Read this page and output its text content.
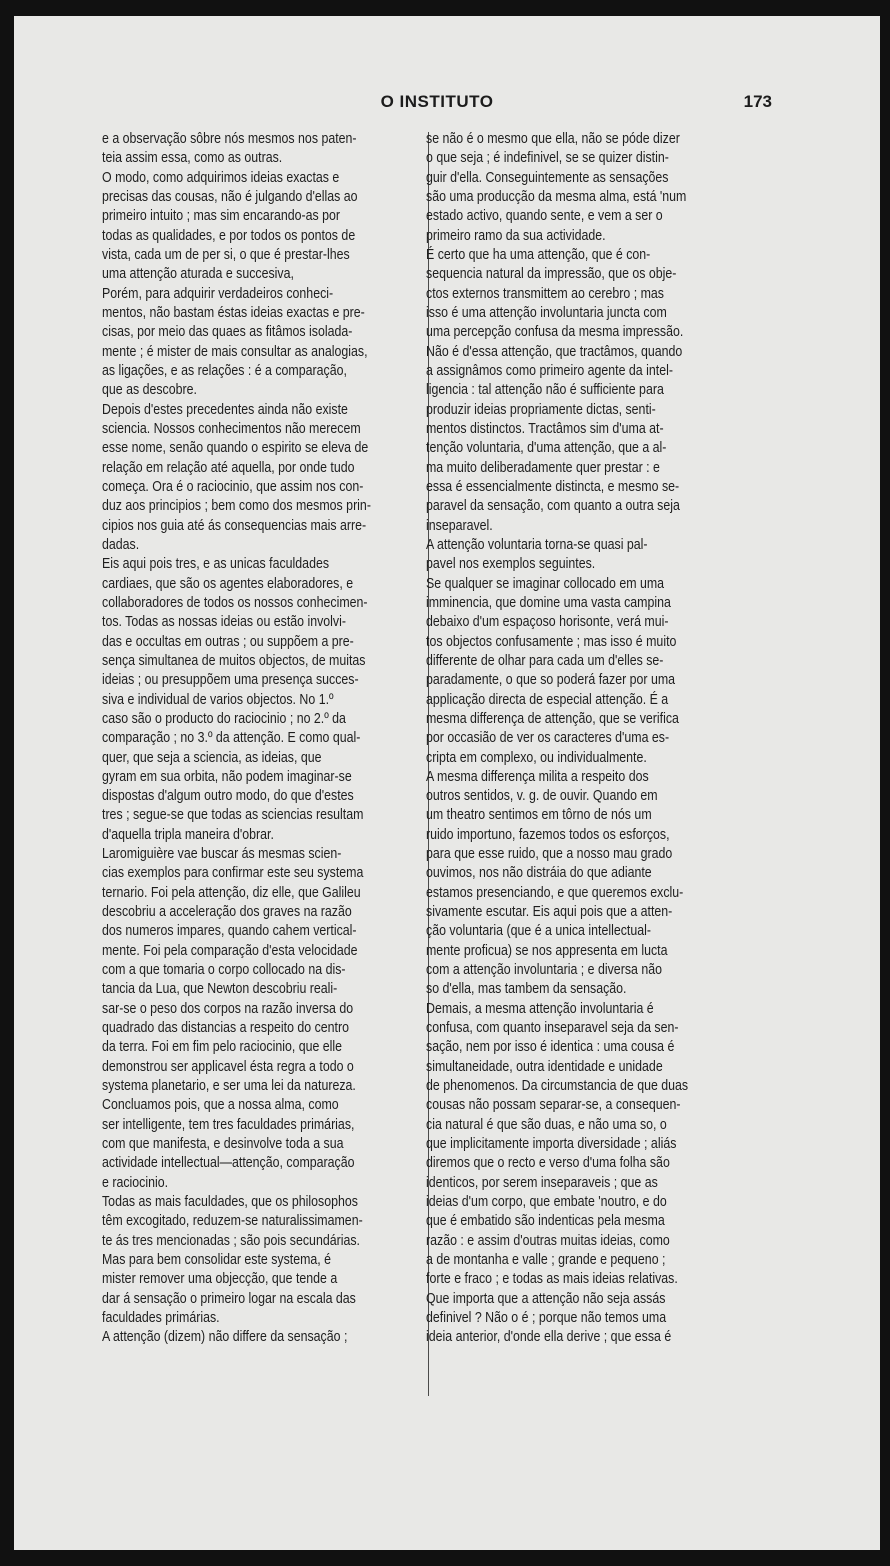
O INSTITUTO	173
e a observação sôbre nós mesmos nos paten-
teia assim essa, como as outras.
O modo, como adquirimos ideias exactas e
precisas das cousas, não é julgando d'ellas ao
primeiro intuito ; mas sim encarando-as por
todas as qualidades, e por todos os pontos de
vista, cada um de per si, o que é prestar-lhes
uma attenção aturada e succesiva,
Porém, para adquirir verdadeiros conheci-
mentos, não bastam éstas ideias exactas e pre-
cisas, por meio das quaes as fitâmos isolada-
mente ; é mister de mais consultar as analogias,
as ligações, e as relações : é a comparação,
que as descobre.
Depois d'estes precedentes ainda não existe
sciencia. Nossos conhecimentos não merecem
esse nome, senão quando o espirito se eleva de
relação em relação até aquella, por onde tudo
começa. Ora é o raciocinio, que assim nos con-
duz aos principios ; bem como dos mesmos prin-
cipios nos guia até ás consequencias mais arre-
dadas.
Eis aqui pois tres, e as unicas faculdades
cardiaes, que são os agentes elaboradores, e
collaboradores de todos os nossos conhecimen-
tos. Todas as nossas ideias ou estão involvi-
das e occultas em outras ; ou suppõem a pre-
sença simultanea de muitos objectos, de muitas
ideias ; ou presuppõem uma presença succes-
siva e individual de varios objectos. No 1.º
caso são o producto do raciocinio ; no 2.º da
comparação ; no 3.º da attenção. E como qual-
quer, que seja a sciencia, as ideias, que
gyram em sua orbita, não podem imaginar-se
dispostas d'algum outro modo, do que d'estes
tres ; segue-se que todas as sciencias resultam
d'aquella tripla maneira d'obrar.
Laromiguière vae buscar ás mesmas scien-
cias exemplos para confirmar este seu systema
ternario. Foi pela attenção, diz elle, que Galileu
descobriu a acceleração dos graves na razão
dos numeros impares, quando cahem vertical-
mente. Foi pela comparação d'esta velocidade
com a que tomaria o corpo collocado na dis-
tancia da Lua, que Newton descobriu reali-
sar-se o peso dos corpos na razão inversa do
quadrado das distancias a respeito do centro
da terra. Foi em fim pelo raciocinio, que elle
demonstrou ser applicavel ésta regra a todo o
systema planetario, e ser uma lei da natureza.
Concluamos pois, que a nossa alma, como
ser intelligente, tem tres faculdades primárias,
com que manifesta, e desinvolve toda a sua
actividade intellectual—attenção, comparação
e raciocinio.
Todas as mais faculdades, que os philosophos
têm excogitado, reduzem-se naturalissimamen-
te ás tres mencionadas ; são pois secundárias.
Mas para bem consolidar este systema, é
mister remover uma objecção, que tende a
dar á sensação o primeiro logar na escala das
faculdades primárias.
A attenção (dizem) não differe da sensação ;
se não é o mesmo que ella, não se póde dizer
o que seja ; é indefinivel, se se quizer distin-
guir d'ella. Conseguintemente as sensações
são uma producção da mesma alma, está 'num
estado activo, quando sente, e vem a ser o
primeiro ramo da sua actividade.
É certo que ha uma attenção, que é con-
sequencia natural da impressão, que os obje-
ctos externos transmittem ao cerebro ; mas
isso é uma attenção involuntaria juncta com
uma percepção confusa da mesma impressão.
Não é d'essa attenção, que tractâmos, quando
a assignâmos como primeiro agente da intel-
ligencia : tal attenção não é sufficiente para
produzir ideias propriamente dictas, senti-
mentos distinctos. Tractâmos sim d'uma at-
tenção voluntaria, d'uma attenção, que a al-
ma muito deliberadamente quer prestar : e
essa é essencialmente distincta, e mesmo se-
paravel da sensação, com quanto a outra seja
inseparavel.
A attenção voluntaria torna-se quasi pal-
pavel nos exemplos seguintes.
Se qualquer se imaginar collocado em uma
imminencia, que domine uma vasta campina
debaixo d'um espaçoso horisonte, verá mui-
tos objectos confusamente ; mas isso é muito
differente de olhar para cada um d'elles se-
paradamente, o que so poderá fazer por uma
applicação directa de especial attenção. É a
mesma differença de attenção, que se verifica
por occasião de ver os caracteres d'uma es-
cripta em complexo, ou individualmente.
A mesma differença milita a respeito dos
outros sentidos, v. g. de ouvir. Quando em
um theatro sentimos em tôrno de nós um
ruido importuno, fazemos todos os esforços,
para que esse ruido, que a nosso mau grado
ouvimos, nos não distráia do que adiante
estamos presenciando, e que queremos exclu-
sivamente escutar. Eis aqui pois que a atten-
ção voluntaria (que é a unica intellectual-
mente proficua) se nos appresenta em lucta
com a attenção involuntaria ; e diversa não
so d'ella, mas tambem da sensação.
Demais, a mesma attenção involuntaria é
confusa, com quanto inseparavel seja da sen-
sação, nem por isso é identica : uma cousa é
simultaneidade, outra identidade e unidade
de phenomenos. Da circumstancia de que duas
cousas não possam separar-se, a consequen-
cia natural é que são duas, e não uma so, o
que implicitamente importa diversidade ; aliás
diremos que o recto e verso d'uma folha são
identicos, por serem inseparaveis ; que as
ideias d'um corpo, que embate 'noutro, e do
que é embatido são indenticas pela mesma
razão : e assim d'outras muitas ideias, como
a de montanha e valle ; grande e pequeno ;
forte e fraco ; e todas as mais ideias relativas.
Que importa que a attenção não seja assás
definivel ? Não o é ; porque não temos uma
ideia anterior, d'onde ella derive ; que essa é
